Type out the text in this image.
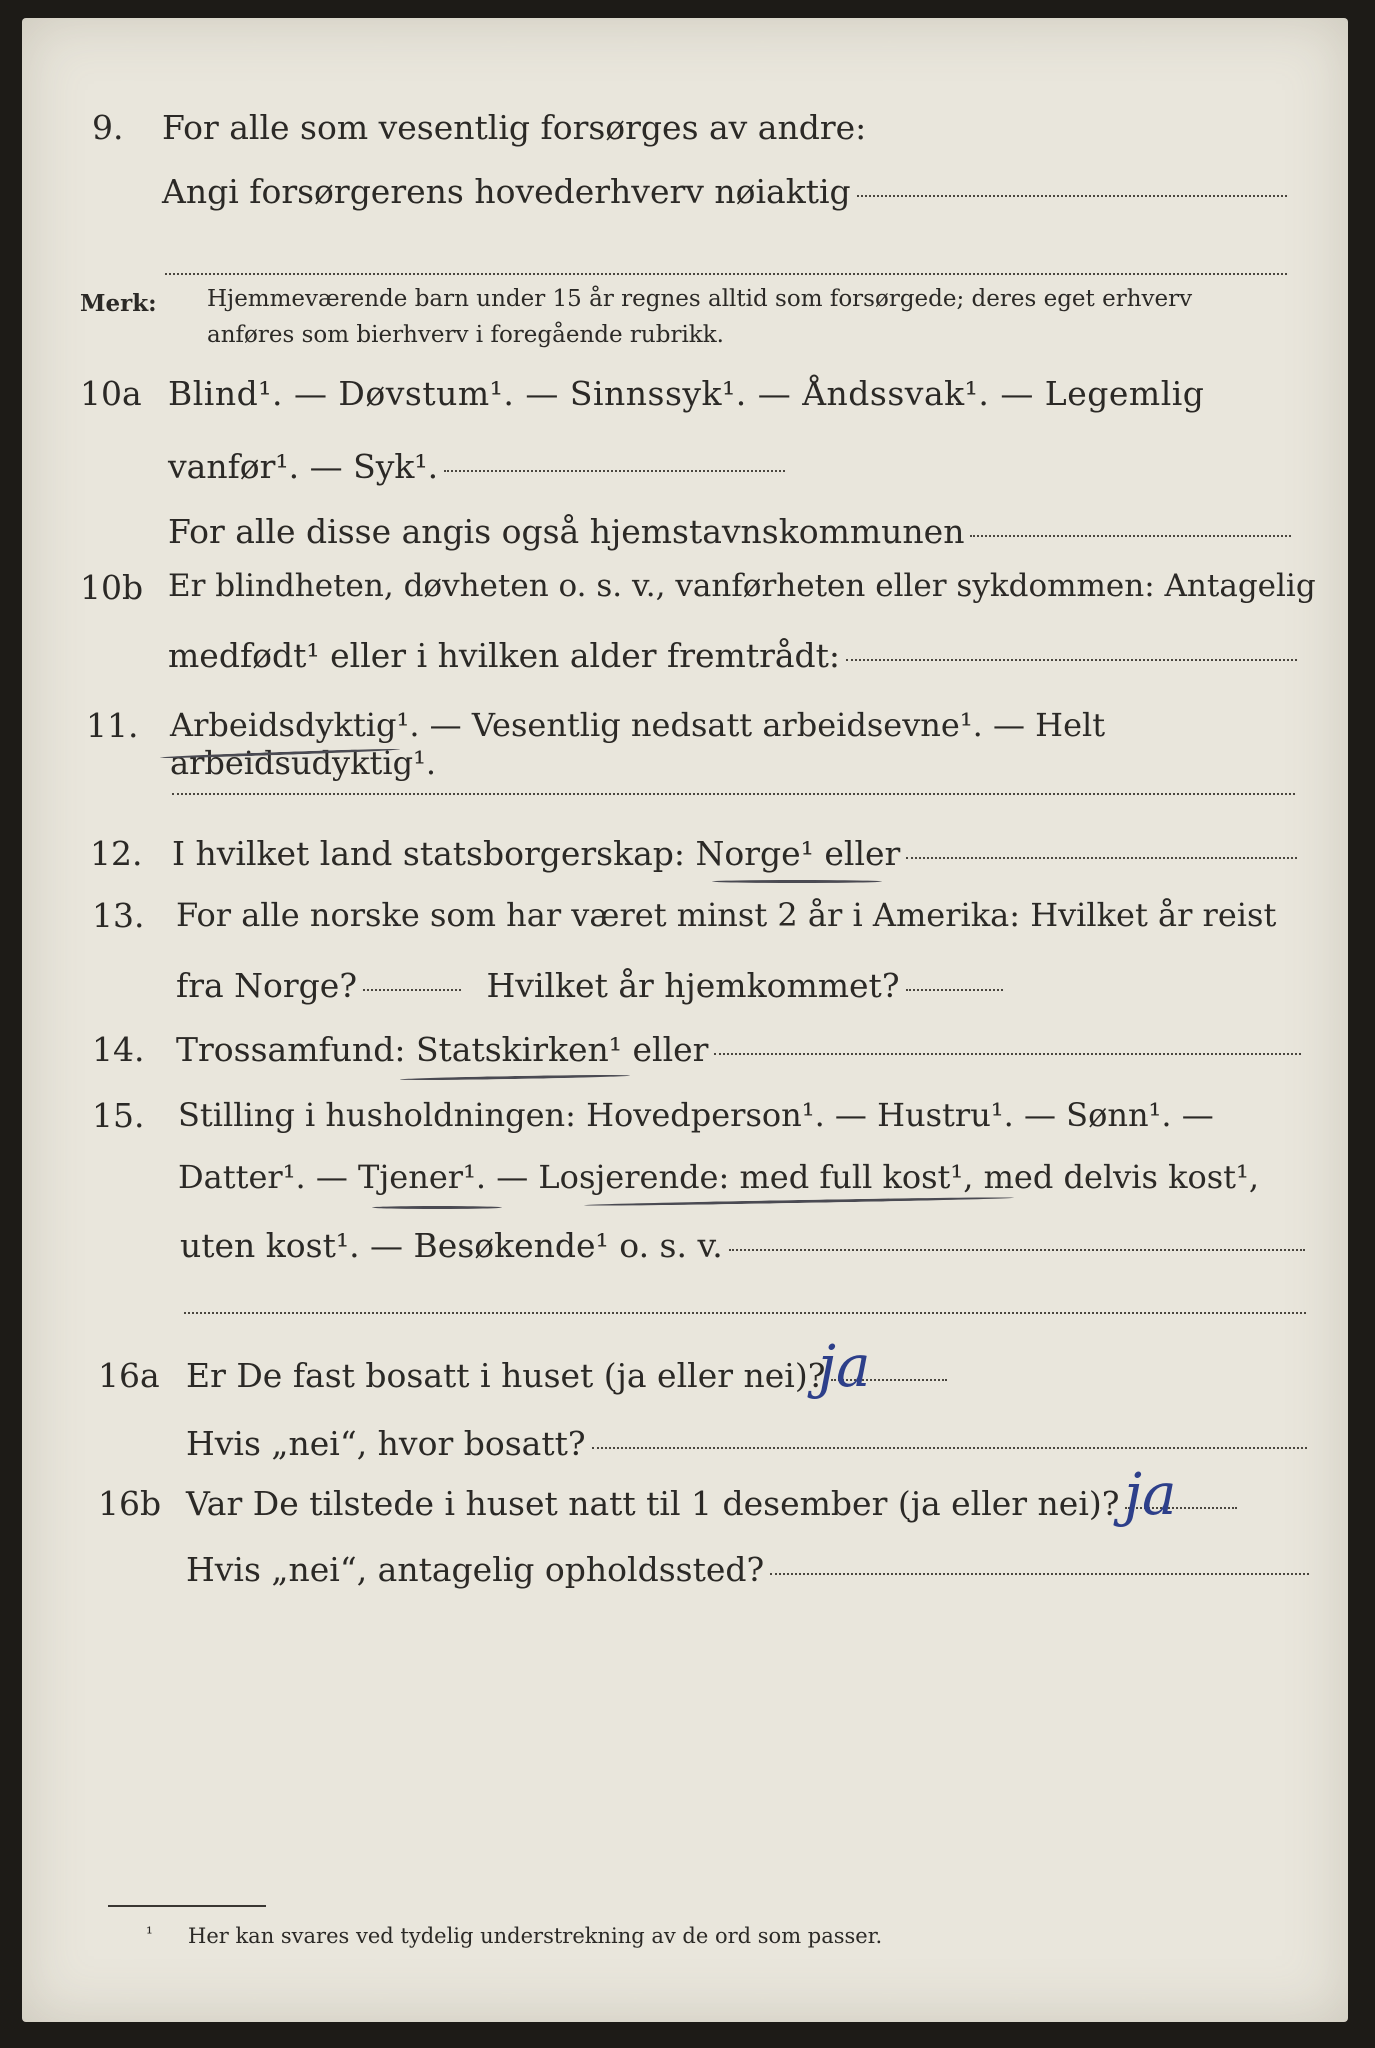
9. For alle som vesentlig forsørges av andre:
Angi forsørgerens hovederhverv nøiaktig
Merk: Hjemmeværende barn under 15 år regnes alltid som forsørgede; deres eget erhverv
anføres som bierhverv i foregående rubrikk.
10a Blind¹. — Døvstum¹. — Sinnssyk¹. — Åndssvak¹. — Legemlig
vanfør¹. — Syk¹.
For alle disse angis også hjemstavnskommunen
10b Er blindheten, døvheten o. s. v., vanførheten eller sykdommen: Antagelig
medfødt¹ eller i hvilken alder fremtrådt:
11. Arbeidsdyktig¹. — Vesentlig nedsatt arbeidsevne¹. — Helt arbeidsudyktig¹.
12. I hvilket land statsborgerskap: Norge¹ eller
13. For alle norske som har været minst 2 år i Amerika: Hvilket år reist
fra Norge?	Hvilket år hjemkommet?
14. Trossamfund: Statskirken¹ eller
15. Stilling i husholdningen: Hovedperson¹. — Hustru¹. — Sønn¹. —
Datter¹. — Tjener¹. — Losjerende: med full kost¹, med delvis kost¹,
uten kost¹. — Besøkende¹ o. s. v.
16a Er De fast bosatt i huset (ja eller nei)?
ja
Hvis „nei“, hvor bosatt?
16b Var De tilstede i huset natt til 1 desember (ja eller nei)? ja
Hvis „nei“, antagelig opholdssted?
¹ Her kan svares ved tydelig understrekning av de ord som passer.
